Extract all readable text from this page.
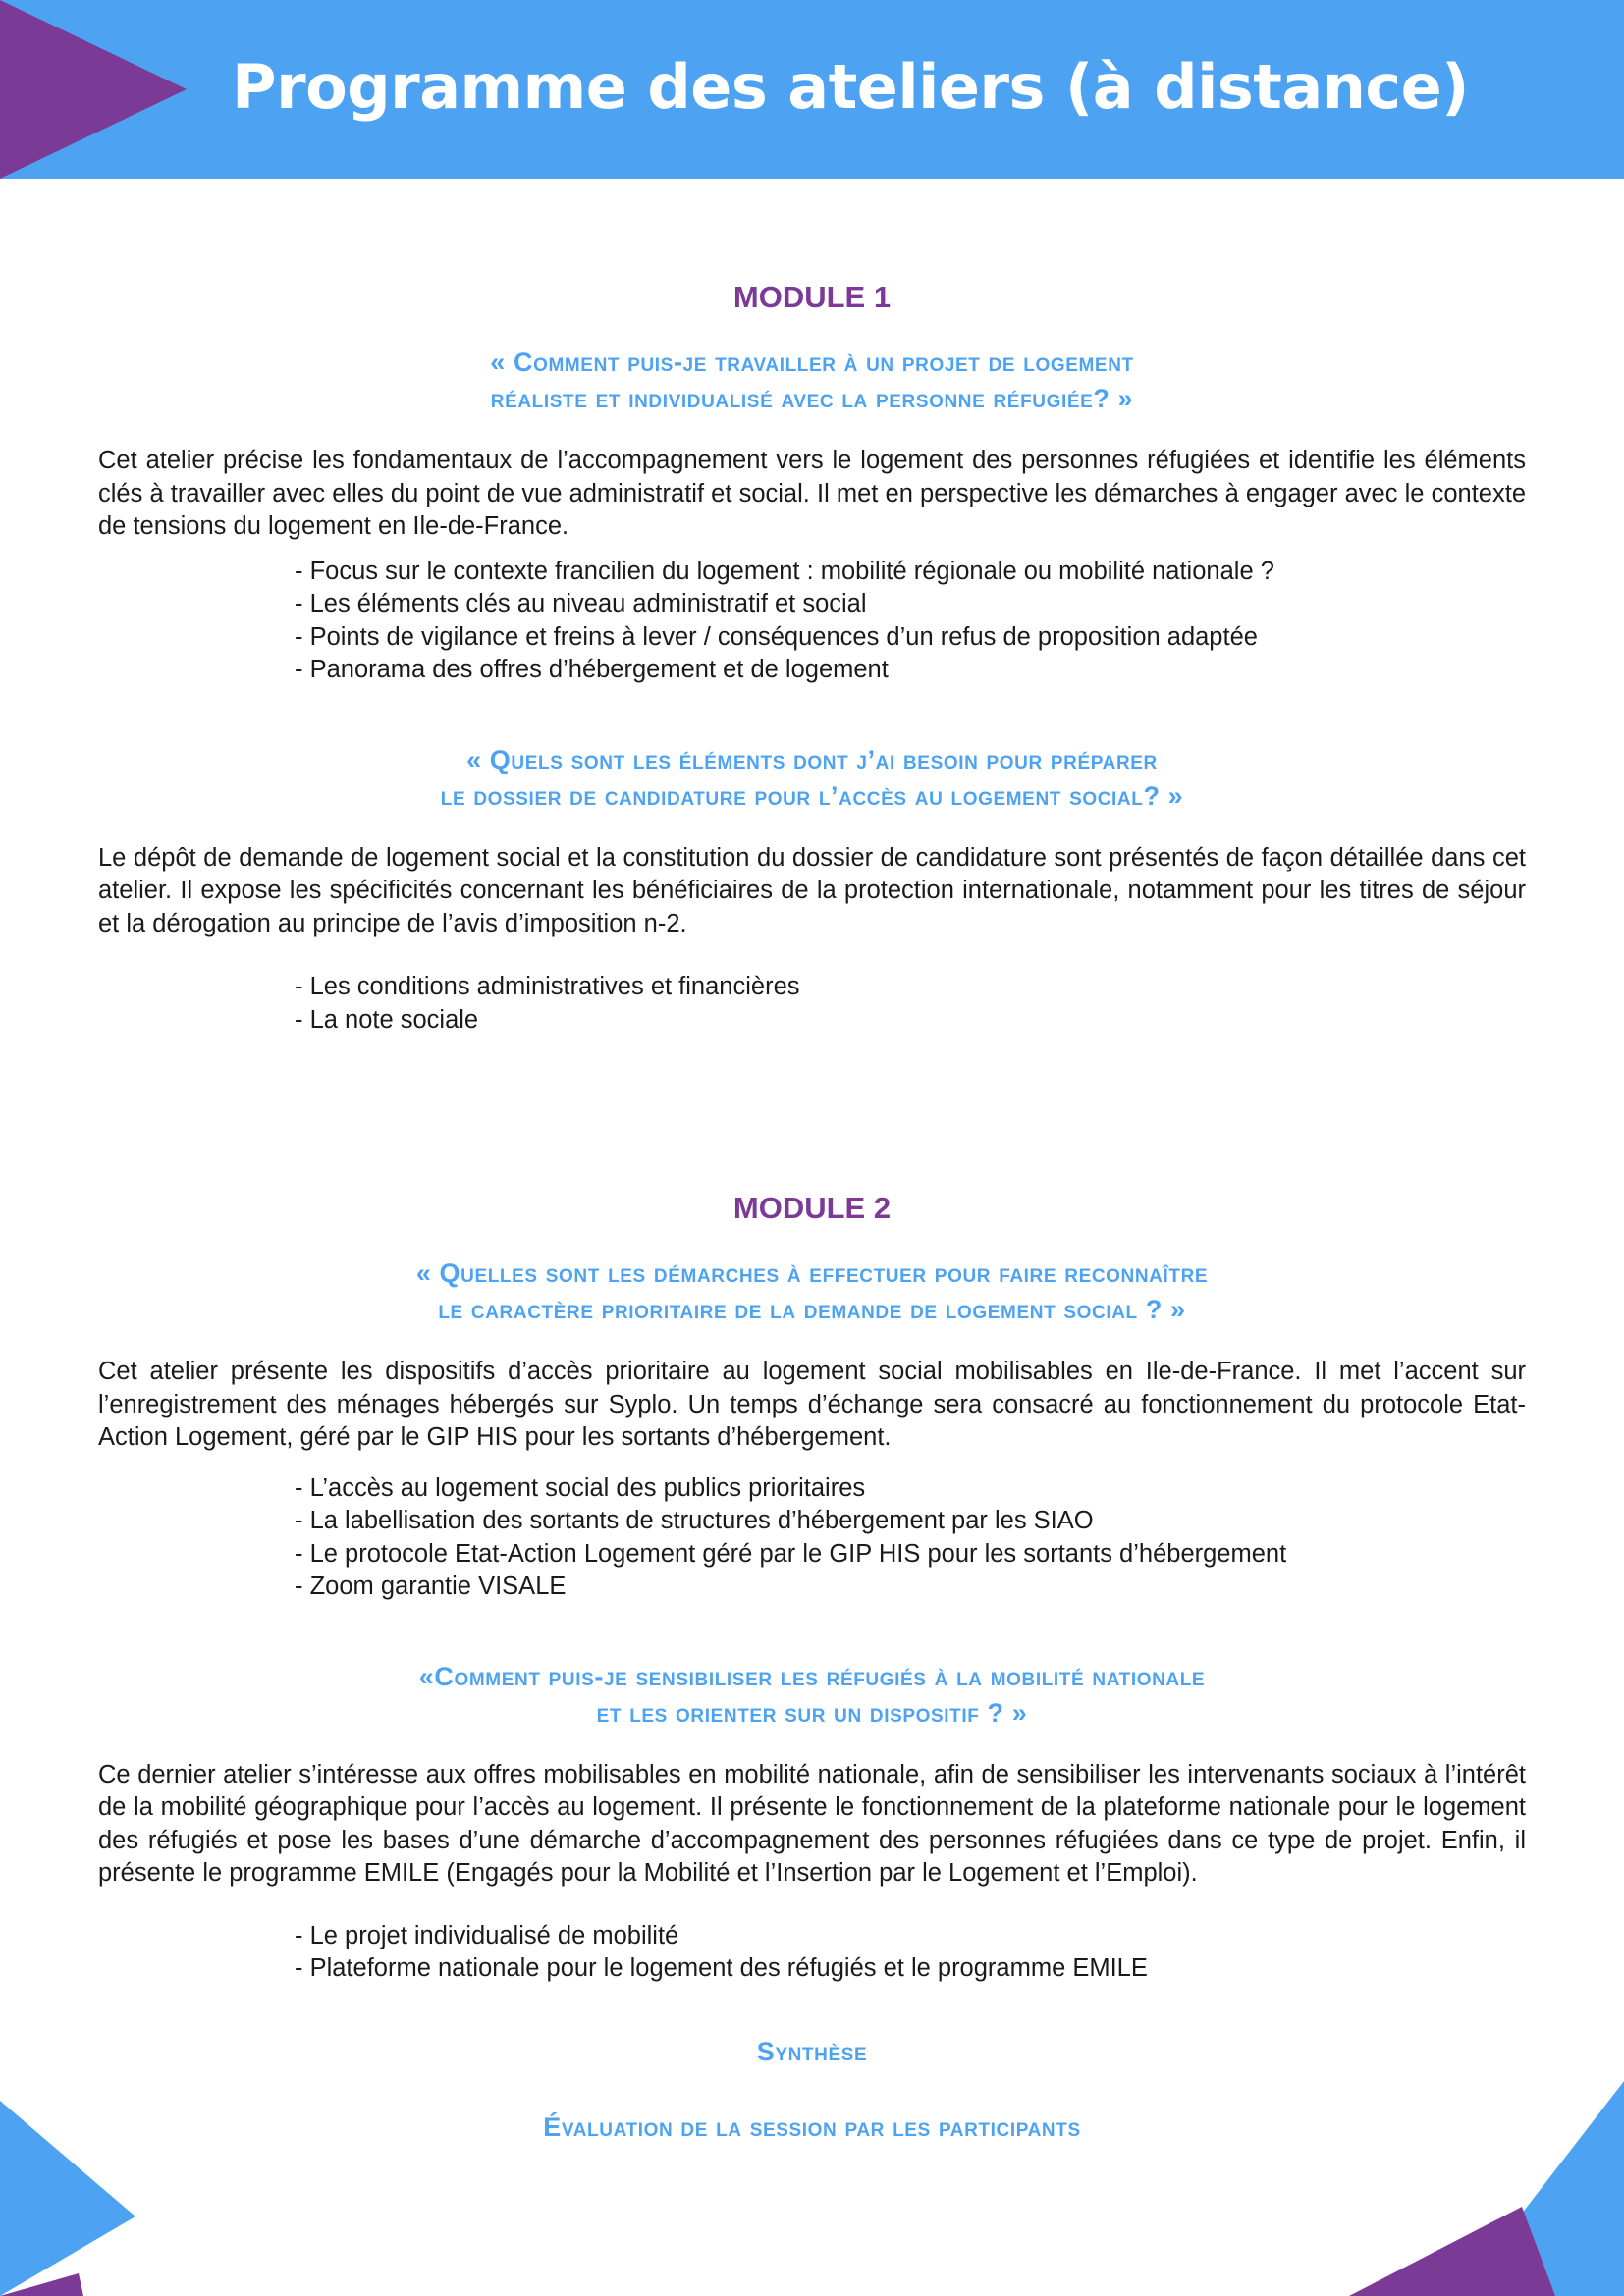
Programme des ateliers (à distance)
MODULE 1
« Comment puis-je travailler à un projet de logement
réaliste et individualisé avec la personne réfugiée? »
Cet atelier précise les fondamentaux de l’accompagnement vers le logement des personnes réfugiées et identifie les éléments clés à travailler avec elles du point de vue administratif et social. Il met en perspective les démarches à engager avec le contexte de tensions du logement en Ile-de-France.
- Focus sur le contexte francilien du logement : mobilité régionale ou mobilité nationale ?
- Les éléments clés au niveau administratif et social
- Points de vigilance et freins à lever / conséquences d’un refus de proposition adaptée
- Panorama des offres d’hébergement et de logement
« Quels sont les éléments dont j’ai besoin pour préparer
le dossier de candidature pour l’accès au logement social? »
Le dépôt de demande de logement social et la constitution du dossier de candidature sont présentés de façon détaillée dans cet atelier. Il expose les spécificités concernant les bénéficiaires de la protection internationale, notamment pour les titres de séjour et la dérogation au principe de l’avis d’imposition n-2.
- Les conditions administratives et financières
- La note sociale
MODULE 2
« Quelles sont les démarches à effectuer pour faire reconnaître
le caractère prioritaire de la demande de logement social ? »
Cet atelier présente les dispositifs d’accès prioritaire au logement social mobilisables en Ile-de-France. Il met l’accent sur l’enregistrement des ménages hébergés sur Syplo. Un temps d’échange sera consacré au fonctionnement du protocole Etat-Action Logement, géré par le GIP HIS pour les sortants d’hébergement.
- L’accès au logement social des publics prioritaires
- La labellisation des sortants de structures d’hébergement par les SIAO
- Le protocole Etat-Action Logement géré par le GIP HIS pour les sortants d’hébergement
- Zoom garantie VISALE
«Comment puis-je sensibiliser les réfugiés à la mobilité nationale
et les orienter sur un dispositif ? »
Ce dernier atelier s’intéresse aux offres mobilisables en mobilité nationale, afin de sensibiliser les intervenants sociaux à l’intérêt de la mobilité géographique pour l’accès au logement. Il présente le fonctionnement de la plateforme nationale pour le logement des réfugiés et pose les bases d’une démarche d’accompagnement des personnes réfugiées dans ce type de projet. Enfin, il présente le programme EMILE (Engagés pour la Mobilité et l’Insertion par le Logement et l’Emploi).
- Le projet individualisé de mobilité
- Plateforme nationale pour le logement des réfugiés et le programme EMILE
Synthèse
Évaluation de la session par les participants
